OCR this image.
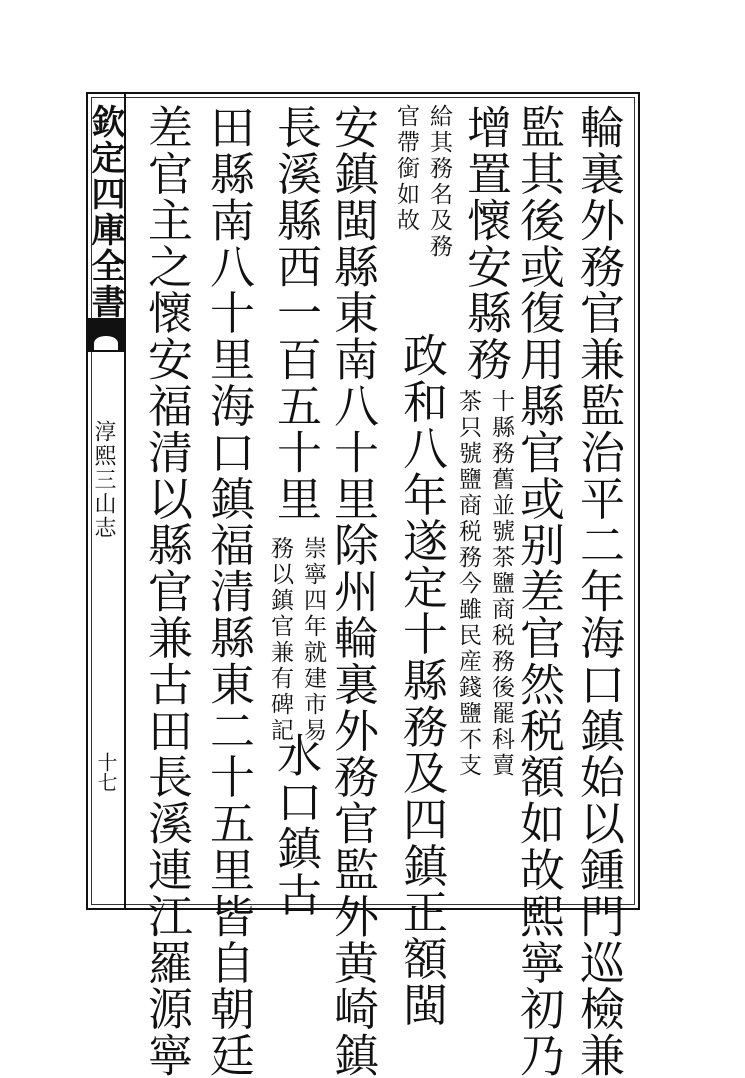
欽定四庫全書
淳熙三山志
十七	輪裏外務官兼監治平二年海口鎮始以鍾門巡檢兼
監其後或復用縣官或别差官然税額如故熙寧初乃
增置懷安縣務
十縣務舊並號茶鹽商税務後罷科賣
茶只號鹽商税務今雖民産錢鹽不支
給其務名及務
官帶銜如故
政和八年遂定十縣務及四鎮正額閩
安鎮閩縣東南八十里除州輪裏外務官監外黄崎鎮
長溪縣西一百五十里
崇寧四年就建市易
務以鎮官兼有碑記
水口鎮古
田縣南八十里海口鎮福清縣東二十五里皆自朝廷
差官主之懷安福清以縣官兼古田長溪連江羅源寧
